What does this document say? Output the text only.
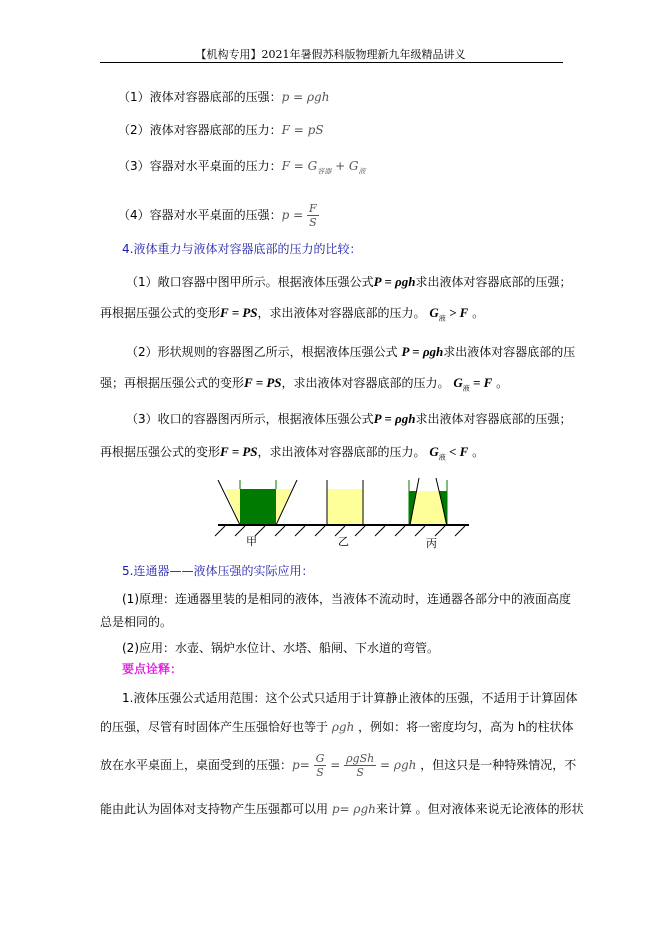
【机构专用】2021年暑假苏科版物理新九年级精品讲义
（1）液体对容器底部的压强：p = ρgh
（2）液体对容器底部的压力：F = pS
（3）容器对水平桌面的压力：$F = G_{容器} + G_液$
（4）容器对水平桌面的压强：$p = \frac{F}{S}$
4.液体重力与液体对容器底部的压力的比较：
（1）敞口容器中图甲所示。根据液体压强公式P = ρgh求出液体对容器底部的压强；
再根据压强公式的变形F = PS，求出液体对容器底部的压力。 $G_液 > F$ 。
（2）形状规则的容器图乙所示，根据液体压强公式 P = ρgh求出液体对容器底部的压
强；再根据压强公式的变形F = PS，求出液体对容器底部的压力。 $G_液 = F$ 。
（3）收口的容器图丙所示，根据液体压强公式P = ρgh求出液体对容器底部的压强；
再根据压强公式的变形F = PS，求出液体对容器底部的压力。 $G_液 < F$ 。
甲	乙	丙
5.连通器——液体压强的实际应用：
(1)原理：连通器里装的是相同的液体，当液体不流动时，连通器各部分中的液面高度
总是相同的。
(2)应用：水壶、锅炉水位计、水塔、船闸、下水道的弯管。
要点诠释：
1.液体压强公式适用范围：这个公式只适用于计算静止液体的压强，不适用于计算固体
的压强，尽管有时固体产生压强恰好也等于 ρgh ，例如：将一密度均匀，高为 h的柱状体
放在水平桌面上，桌面受到的压强：$p= \frac{G}{S} = \frac{\text{ρgSh}}{S} = \rho gh$ ，但这只是一种特殊情况，不
能由此认为固体对支持物产生压强都可以用 p= ρgh来计算 。但对液体来说无论液体的形状
